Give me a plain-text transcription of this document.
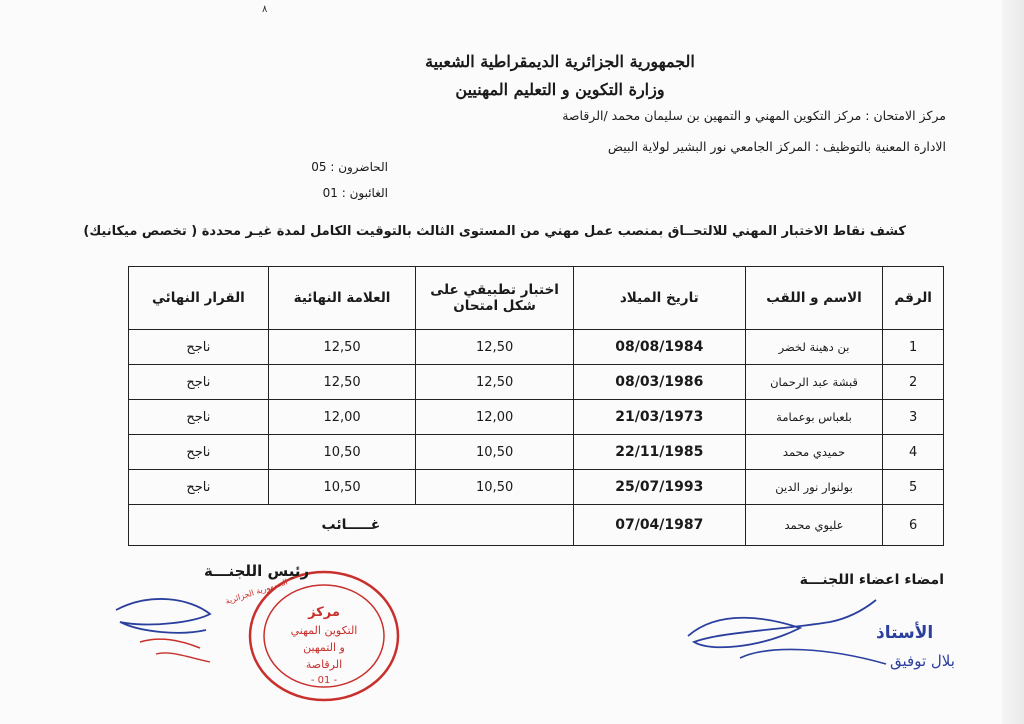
٨
الجمهورية الجزائرية الديمقراطية الشعبية
وزارة التكوين و التعليم المهنيين
مركز الامتحان : مركز التكوين المهني و التمهين بن سليمان محمد /الرقاصة
الادارة المعنية بالتوظيف : المركز الجامعي نور البشير لولاية البيض
الحاضرون : 05
الغائبون : 01
كشف نقاط الاختبار المهني للالتحــاق بمنصب عمل مهني من المستوى الثالث بالتوقيت الكامل لمدة غيـر محددة ( تخصص ميكانيك)
الرقم	الاسم و اللقب	تاريخ الميلاد	اختبار تطبيقي على شكل امتحان	العلامة النهائية	القرار النهائي
1	بن دهينة لخضر	08/08/1984	12,50	12,50	ناجح
2	قبشة عبد الرحمان	08/03/1986	12,50	12,50	ناجح
3	بلعباس بوعمامة	21/03/1973	12,00	12,00	ناجح
4	حميدي محمد	22/11/1985	10,50	10,50	ناجح
5	بولنوار نور الدين	25/07/1993	10,50	10,50	ناجح
6	عليوي محمد	07/04/1987	غـــــائب		
امضاء اعضاء اللجنـــة
مركز
التكوين المهني
و التمهين
الرقاصة
- 01 -
الجمهورية الجزائرية
رئيس اللجنـــة
الأستاذ
بلال توفيق
